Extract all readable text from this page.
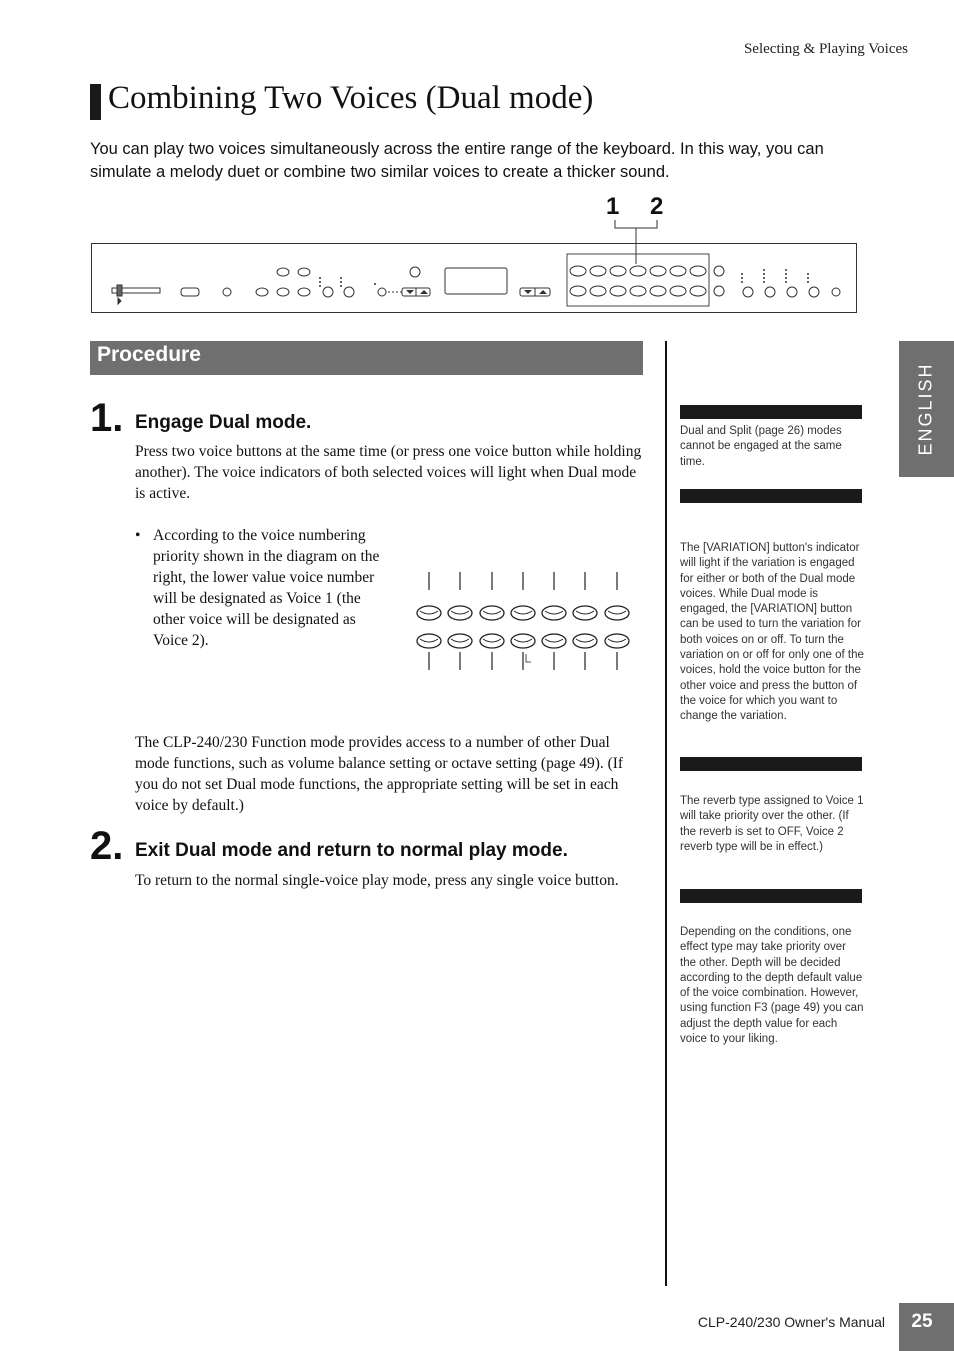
Selecting & Playing Voices
Combining Two Voices (Dual mode)
You can play two voices simultaneously across the entire range of the keyboard. In this way, you can simulate a melody duet or combine two similar voices to create a thicker sound.
1 2
Procedure
1. Engage Dual mode.
Press two voice buttons at the same time (or press one voice button while holding another). The voice indicators of both selected voices will light when Dual mode is active.
• According to the voice numbering priority shown in the diagram on the right, the lower value voice number will be designated as Voice 1 (the other voice will be designated as Voice 2).
The CLP-240/230 Function mode provides access to a number of other Dual mode functions, such as volume balance setting or octave setting (page 49). (If you do not set Dual mode functions, the appropriate setting will be set in each voice by default.)
2. Exit Dual mode and return to normal play mode.
To return to the normal single-voice play mode, press any single voice button.
Dual and Split (page 26) modes cannot be engaged at the same time.
The [VARIATION] button's indicator will light if the variation is engaged for either or both of the Dual mode voices. While Dual mode is engaged, the [VARIATION] button can be used to turn the variation for both voices on or off. To turn the variation on or off for only one of the voices, hold the voice button for the other voice and press the button of the voice for which you want to change the variation.
The reverb type assigned to Voice 1 will take priority over the other. (If the reverb is set to OFF, Voice 2 reverb type will be in effect.)
Depending on the conditions, one effect type may take priority over the other. Depth will be decided according to the depth default value of the voice combination. However, using function F3 (page 49) you can adjust the depth value for each voice to your liking.
ENGLISH
CLP-240/230 Owner's Manual	25
